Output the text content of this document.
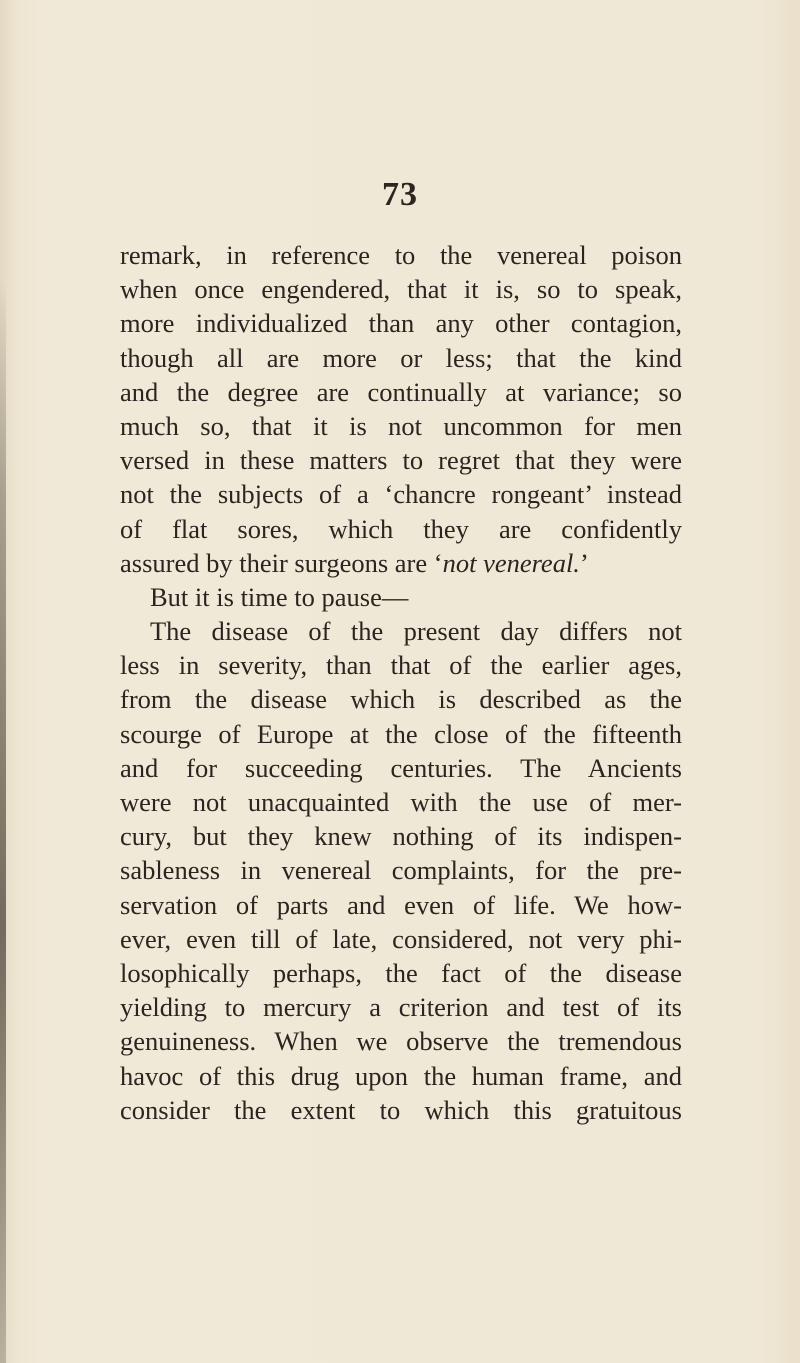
73
remark, in reference to the venereal poison
when once engendered, that it is, so to speak,
more individualized than any other contagion,
though all are more or less; that the kind
and the degree are continually at variance; so
much so, that it is not uncommon for men
versed in these matters to regret that they were
not the subjects of a ‘chancre rongeant’ instead
of flat sores, which they are confidently
assured by their surgeons are ‘not venereal.’
But it is time to pause—
The disease of the present day differs not
less in severity, than that of the earlier ages,
from the disease which is described as the
scourge of Europe at the close of the fifteenth
and for succeeding centuries. The Ancients
were not unacquainted with the use of mer-
cury, but they knew nothing of its indispen-
sableness in venereal complaints, for the pre-
servation of parts and even of life. We how-
ever, even till of late, considered, not very phi-
losophically perhaps, the fact of the disease
yielding to mercury a criterion and test of its
genuineness. When we observe the tremendous
havoc of this drug upon the human frame, and
consider the extent to which this gratuitous
